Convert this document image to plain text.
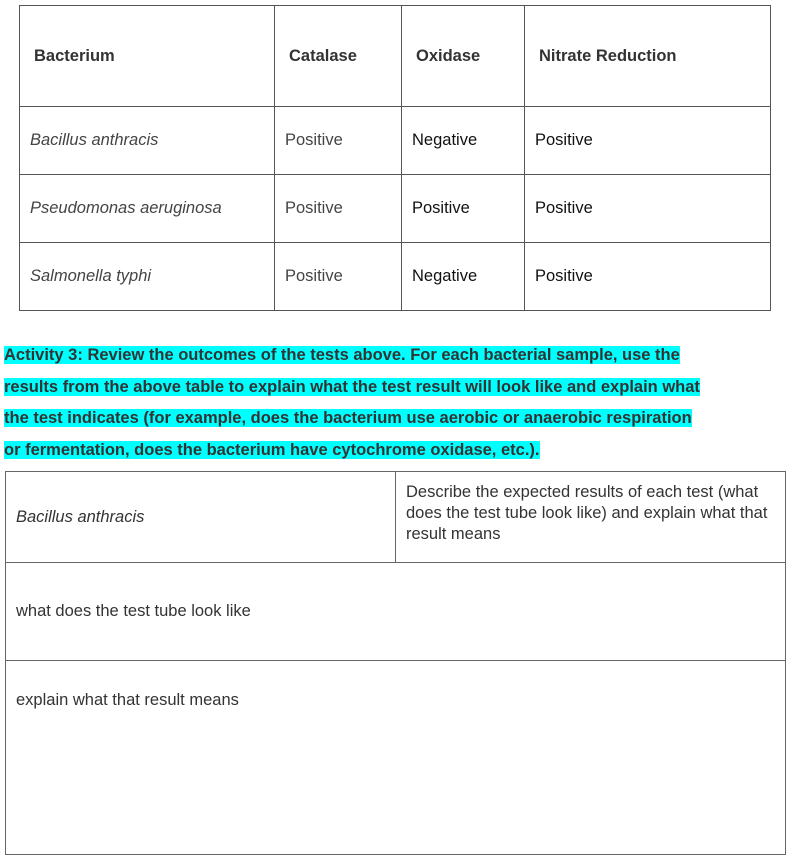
Bacterium	Catalase	Oxidase	Nitrate Reduction
Bacillus anthracis	Positive	Negative	Positive
Pseudomonas aeruginosa	Positive	Positive	Positive
Salmonella typhi	Positive	Negative	Positive
Activity 3: Review the outcomes of the tests above. For each bacterial sample, use the
results from the above table to explain what the test result will look like and explain what
the test indicates (for example, does the bacterium use aerobic or anaerobic respiration
or fermentation, does the bacterium have cytochrome oxidase, etc.).
Bacillus anthracis	Describe the expected results of each test (what does the test tube look like) and explain what that result means
what does the test tube look like
explain what that result means
